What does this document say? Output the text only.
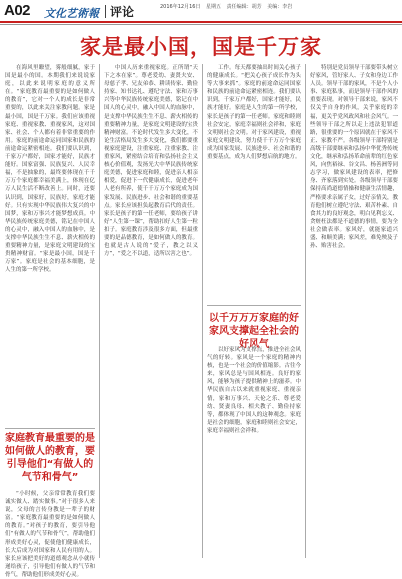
A02 文化艺術報 评论	2016年12月16日 星期五 责任编辑：胡芳 美编：李岩
家是最小国，国是千万家

在海风里瞭望，雾般细腻，家于国是最小的国。本期我们来说说家庭，以此来说明家庭的意义所在。“家庭教育最重要的是如何做人的教育”，它对一个人的成长是非常重要的，以此来关注家教问题。家是最小国，国是千万家。我们应该重视家庭、重视家教、重视家风，这对国家、社会、个人都有着非常重要的作用。家庭的前途命运同国家和民族的前途命运紧密相连。我们要认识到，千家万户都好，国家才能好，民族才能好。国家富强、民族复兴、人民幸福，不是抽象的，最终要体现在千千万万个家庭都幸福美满上，体现在亿万人民生活不断改善上。同时，还要认识到，国家好，民族好，家庭才能好。只有实现中华民族伟大复兴的中国梦，家和万事兴才能梦想成真。中华民族传统家庭美德，铭记在中国人的心灵中，融入中国人的血脉中，是支撑中华民族生生不息、薪火相传的重要精神力量，是家庭文明建设的宝贵精神财富。“家是最小国，国是千万家”。家庭是社会的基本细胞，是人生的第一所学校。

家庭教育最重要的是如何做人的教育，要引导他们“有做人的气节和骨气”

“小时候，父亲常常教育我们要诚实做人、踏实做事。”对于很多人来说，父母的言传身教是一辈子的财富。“家庭教育最重要的是如何做人的教育。”对孩子的教育，要引导他们“有做人的气节和骨气”，帮助他们形成美好心灵，促使他们健康成长，长大后成为对国家和人民有用的人。家长应该把美好的道德观念从小就传递给孩子，引导他们有做人的气节和骨气，帮助他们形成美好心灵。

中国人历来重视家庭。正所谓“天下之本在家”。尊老爱幼、妻贤夫安、母慈子孝、兄友弟恭、耕读传家、勤俭持家、知书达礼、遵纪守法、家和万事兴等中华民族传统家庭美德，铭记在中国人的心灵中，融入中国人的血脉中，是支撑中华民族生生不息、薪火相传的重要精神力量，是家庭文明建设的宝贵精神财富。不论时代发生多大变化，不论生活格局发生多大变化，我们都要重视家庭建设，注重家庭、注重家教、注重家风，紧密结合培育和弘扬社会主义核心价值观，发扬光大中华民族传统家庭美德，促进家庭和睦，促进亲人相亲相爱，促进下一代健康成长，促进老年人老有所养，使千千万万个家庭成为国家发展、民族进步、社会和谐的重要基点。家长应该担负起教育后代的责任。家长是孩子的第一任老师，要给孩子讲好“人生第一课”，帮助扣好人生第一粒扣子。家庭教育涉及很多方面，但最重要的是品德教育，是如何做人的教育。也就是古人说的“爱子，教之以义方”，“爱之不以道，适所以害之也”。

工作。每天都要抽出时间关心孩子的健康成长。“把关心孩子成长作为头等大事来抓”。家庭的前途命运同国家和民族的前途命运紧密相连。我们要认识到，千家万户都好，国家才能好，民族才能好。家庭是人生的第一所学校，家长是孩子的第一任老师。家庭和睦则社会安定，家庭幸福则社会祥和，家庭文明则社会文明。对于家风建设，重视家庭文明建设，努力使千千万万个家庭成为国家发展、民族进步、社会和谐的重要基点，成为人们梦想启航的地方。

以千万万万家庭的好家风支撑起全社会的好风气

以好家风为支撑点，推进全社会风气的好转。家风是一个家庭的精神内核，也是一个社会的价值缩影。古往今来，家风总是与国风相连。良好的家风，能够为孩子提供精神上的滋养。中华民族自古以来就重视家庭、重视亲情，家和万事兴、天伦之乐、尊老爱幼、贤妻良母、相夫教子、勤俭持家等，都体现了中国人的这种观念。家庭是社会的细胞，家庭和睦则社会安定，家庭幸福则社会祥和。

特别是党员领导干部要带头树立好家风，管好家人、子女和身边工作人员。领导干部的家风，不是个人小事、家庭私事，而是领导干部作风的重要表现。对领导干部来说，家风不仅关乎自身的作风，关乎家庭的幸福，更关乎党风政风和社会风气。一些领导干部之所以走上违法犯罪道路，很重要的一个原因就在于家风不正、家教不严。各级领导干部特别是高级干部要继承和弘扬中华优秀传统文化，继承和弘扬革命前辈的红色家风，向焦裕禄、谷文昌、杨善洲等同志学习，做家风建设的表率，把修身、齐家落到实处。各级领导干部要保持高尚道德情操和健康生活情趣，严格要求亲属子女，过好亲情关，教育他们树立遵纪守法、艰苦朴素、自食其力的良好观念，明白见利忘义、贪赃枉法都是不道德的事情，要为全社会做表率。家风好，就能家道兴盛、和顺美满；家风差，难免殃及子孙、贻害社会。
